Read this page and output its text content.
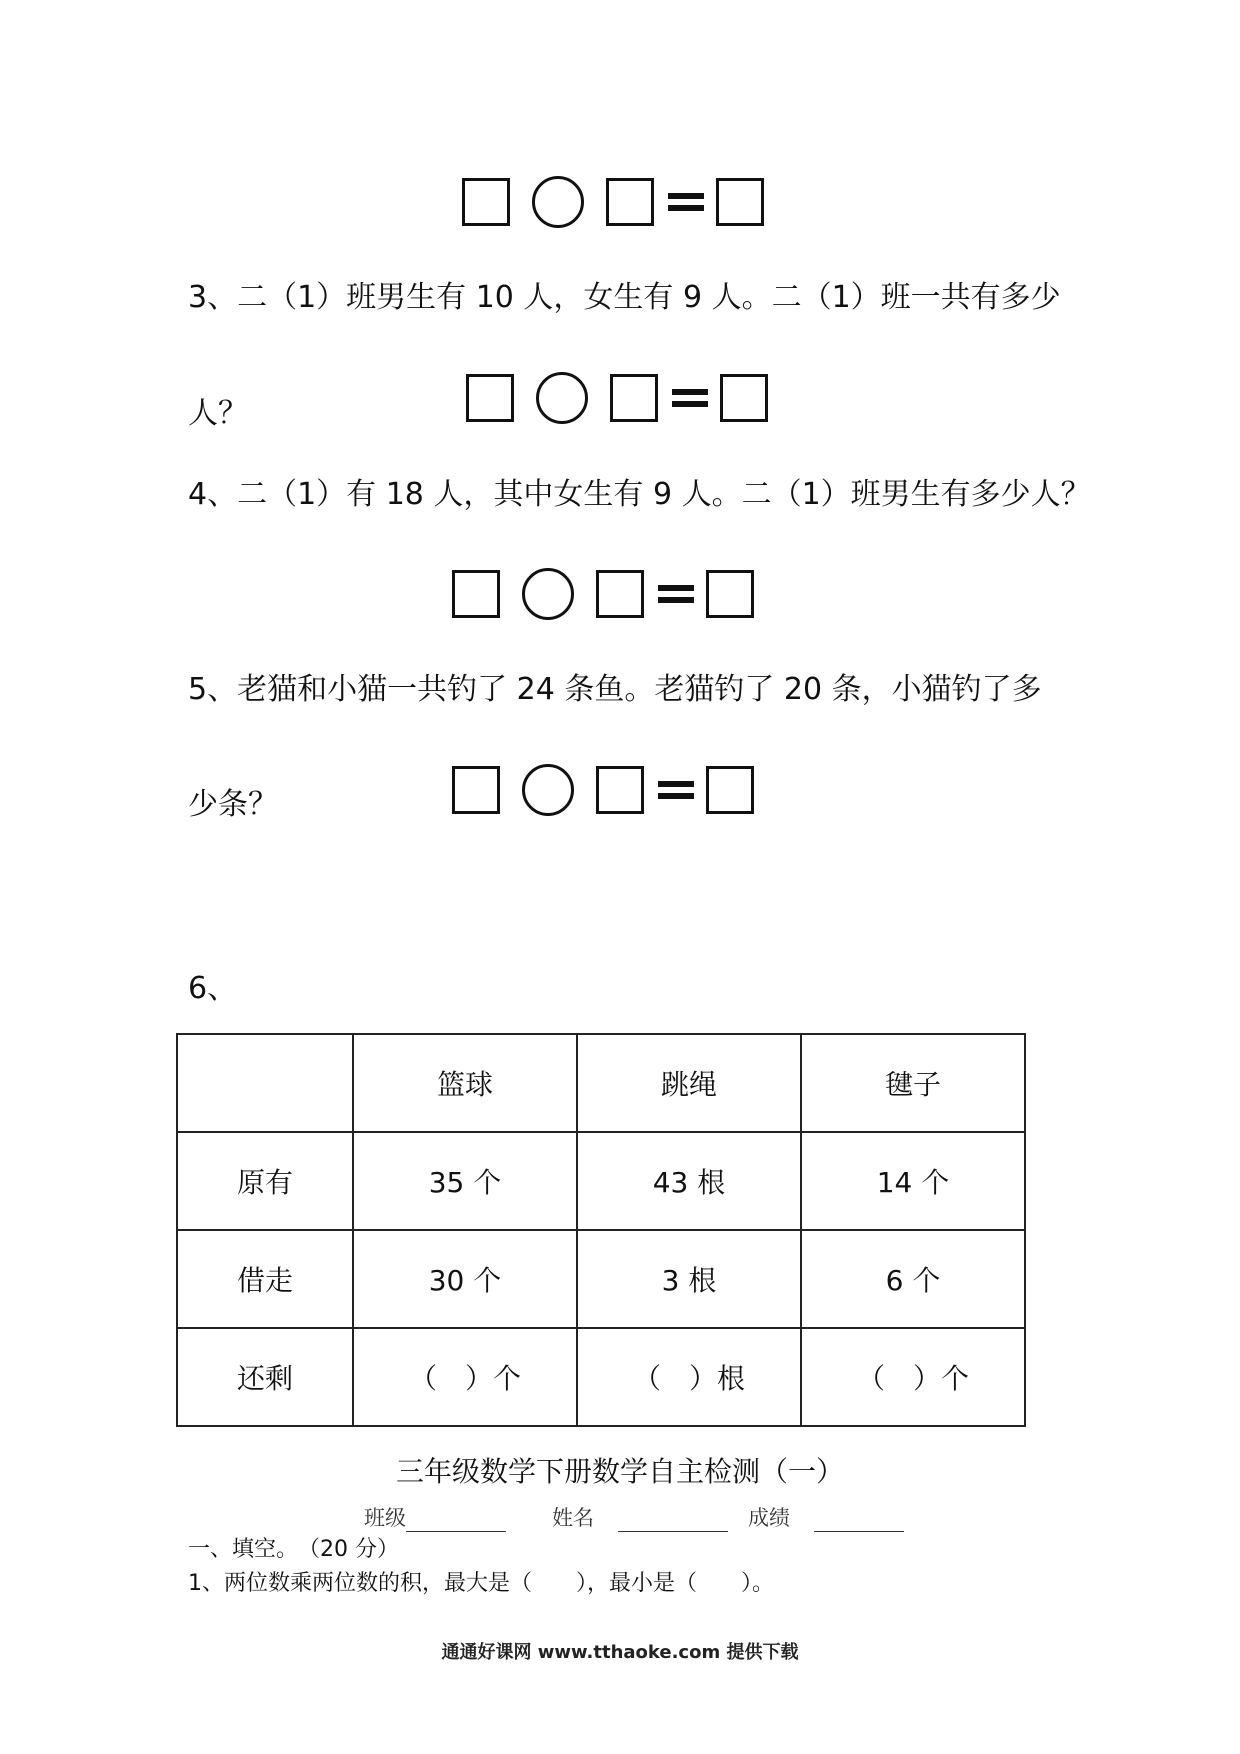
3、二（1）班男生有 10 人，女生有 9 人。二（1）班一共有多少
人？
4、二（1）有 18 人，其中女生有 9 人。二（1）班男生有多少人？
5、老猫和小猫一共钓了 24 条鱼。老猫钓了 20 条，小猫钓了多
少条？
6、
	篮球	跳绳	毽子
原有	35 个	43 根	14 个
借走	30 个	3 根	6 个
还剩	（　）个	（　）根	（　）个
三年级数学下册数学自主检测（一）
班级	姓名	成绩
一、填空。　（20 分）
1、两位数乘两位数的积，最大是（　　），最小是（　　）。
通通好课网 www.tthaoke.com 提供下载
